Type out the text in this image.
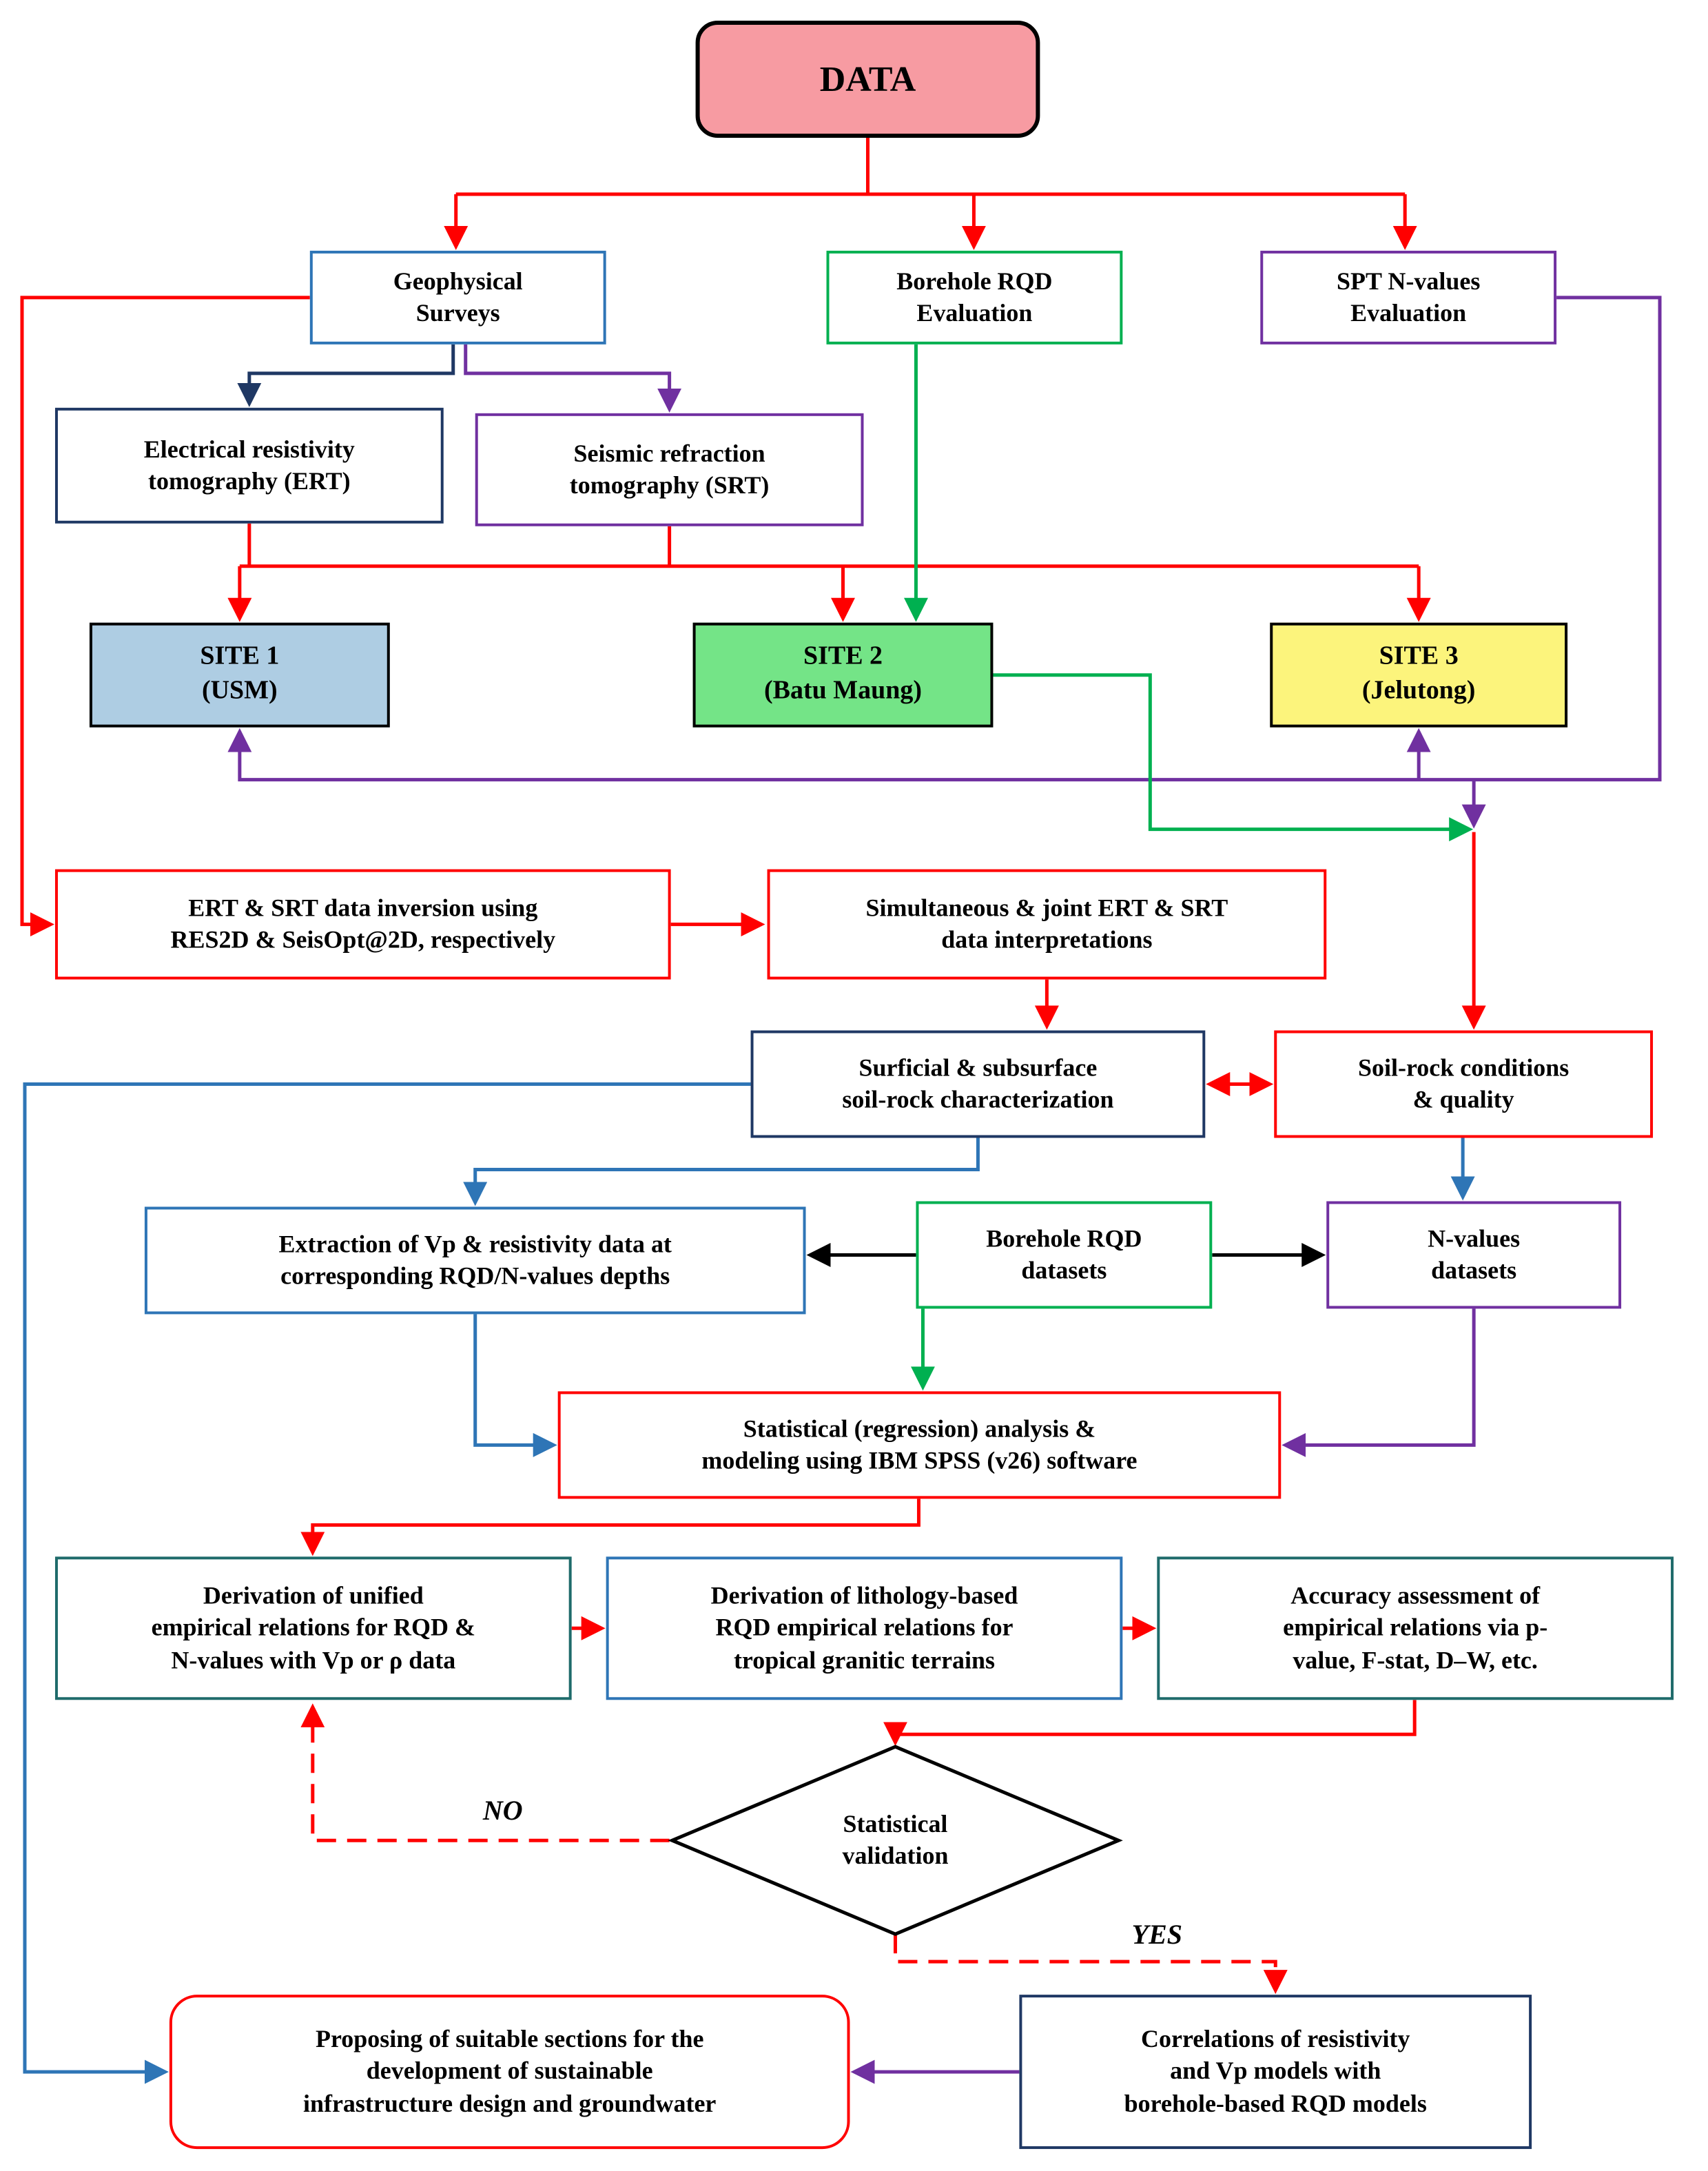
DATA
Geophysical
Surveys
Borehole RQD
Evaluation
SPT N-values
Evaluation
Electrical resistivity
tomography (ERT)
Seismic refraction
tomography (SRT)
SITE 1
(USM)
SITE 2
(Batu Maung)
SITE 3
(Jelutong)
ERT & SRT data inversion using
RES2D & SeisOpt@2D, respectively
Simultaneous & joint ERT & SRT
data interpretations
Surficial & subsurface
soil-rock characterization
Soil-rock conditions
& quality
Extraction of Vp & resistivity data at
corresponding RQD/N-values depths
Borehole RQD
datasets
N-values
datasets
Statistical (regression) analysis &
modeling using IBM SPSS (v26) software
Derivation of unified
empirical relations for RQD &
N-values with Vp or ρ data
Derivation of lithology-based
RQD empirical relations for
tropical granitic terrains
Accuracy assessment of
empirical relations via p-
value, F-stat, D–W, etc.
Statistical
validation
Correlations of resistivity
and Vp models with
borehole-based RQD models
Proposing of suitable sections for the
development of sustainable
infrastructure design and groundwater
NO
YES
